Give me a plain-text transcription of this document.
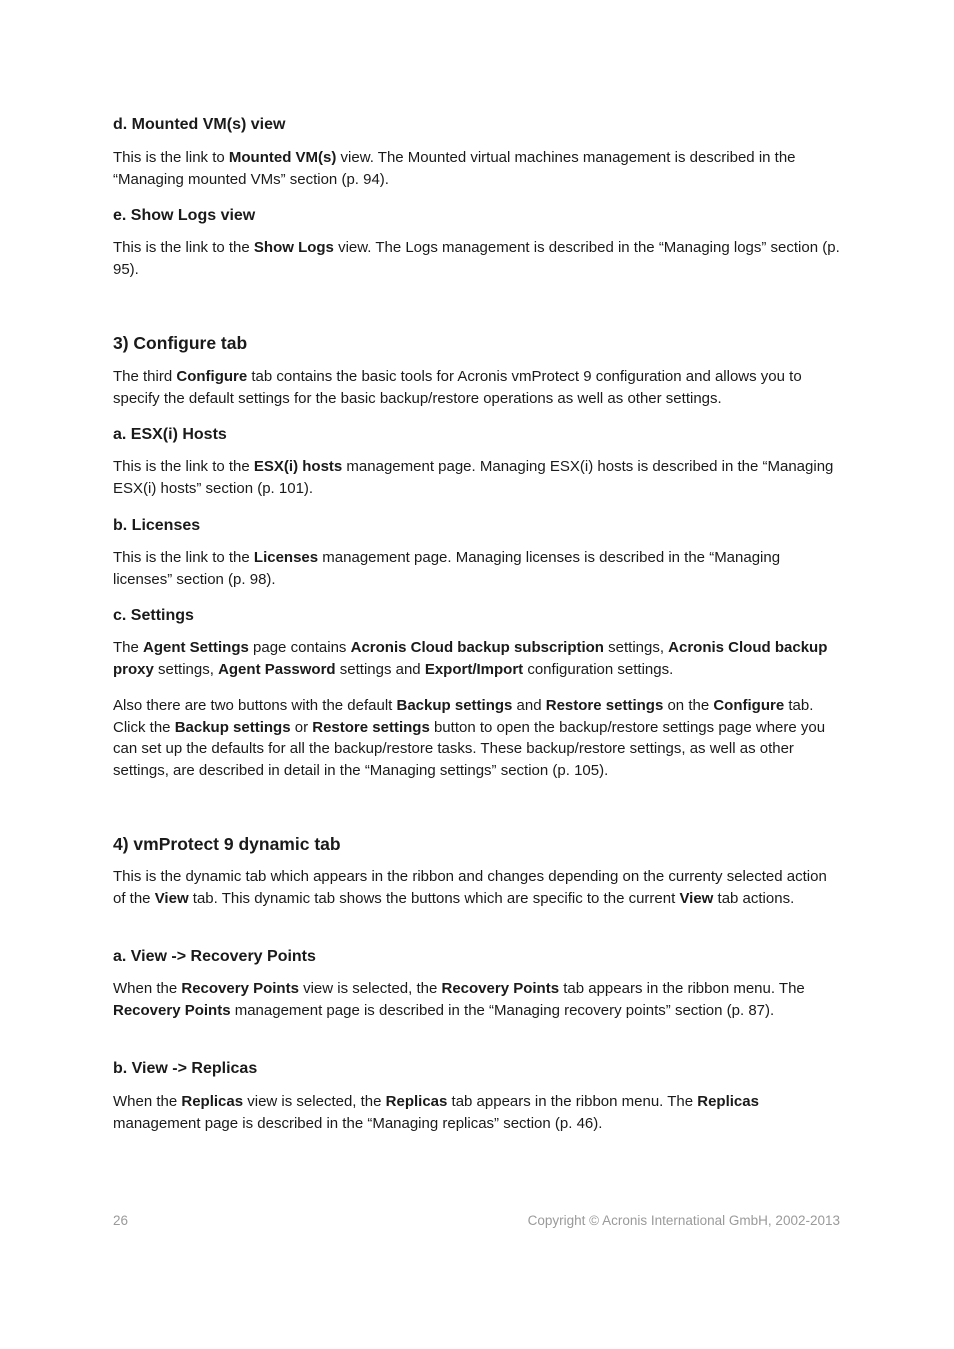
d. Mounted VM(s) view

This is the link to Mounted VM(s) view. The Mounted virtual machines management is described in the “Managing mounted VMs” section (p. 94).

e. Show Logs view

This is the link to the Show Logs view. The Logs management is described in the “Managing logs” section (p. 95).

3) Configure tab

The third Configure tab contains the basic tools for Acronis vmProtect 9 configuration and allows you to specify the default settings for the basic backup/restore operations as well as other settings.

a. ESX(i) Hosts

This is the link to the ESX(i) hosts management page. Managing ESX(i) hosts is described in the “Managing ESX(i) hosts” section (p. 101).

b. Licenses

This is the link to the Licenses management page. Managing licenses is described in the “Managing licenses” section (p. 98).

c. Settings

The Agent Settings page contains Acronis Cloud backup subscription settings, Acronis Cloud backup proxy settings, Agent Password settings and Export/Import configuration settings.

Also there are two buttons with the default Backup settings and Restore settings on the Configure tab. Click the Backup settings or Restore settings button to open the backup/restore settings page where you can set up the defaults for all the backup/restore tasks. These backup/restore settings, as well as other settings, are described in detail in the “Managing settings” section (p. 105).

4) vmProtect 9 dynamic tab

This is the dynamic tab which appears in the ribbon and changes depending on the currenty selected action of the View tab. This dynamic tab shows the buttons which are specific to the current View tab actions.

a. View -> Recovery Points

When the Recovery Points view is selected, the Recovery Points tab appears in the ribbon menu. The Recovery Points management page is described in the “Managing recovery points” section (p. 87).

b. View -> Replicas

When the Replicas view is selected, the Replicas tab appears in the ribbon menu. The Replicas management page is described in the “Managing replicas” section (p. 46).

26	Copyright © Acronis International GmbH, 2002-2013
